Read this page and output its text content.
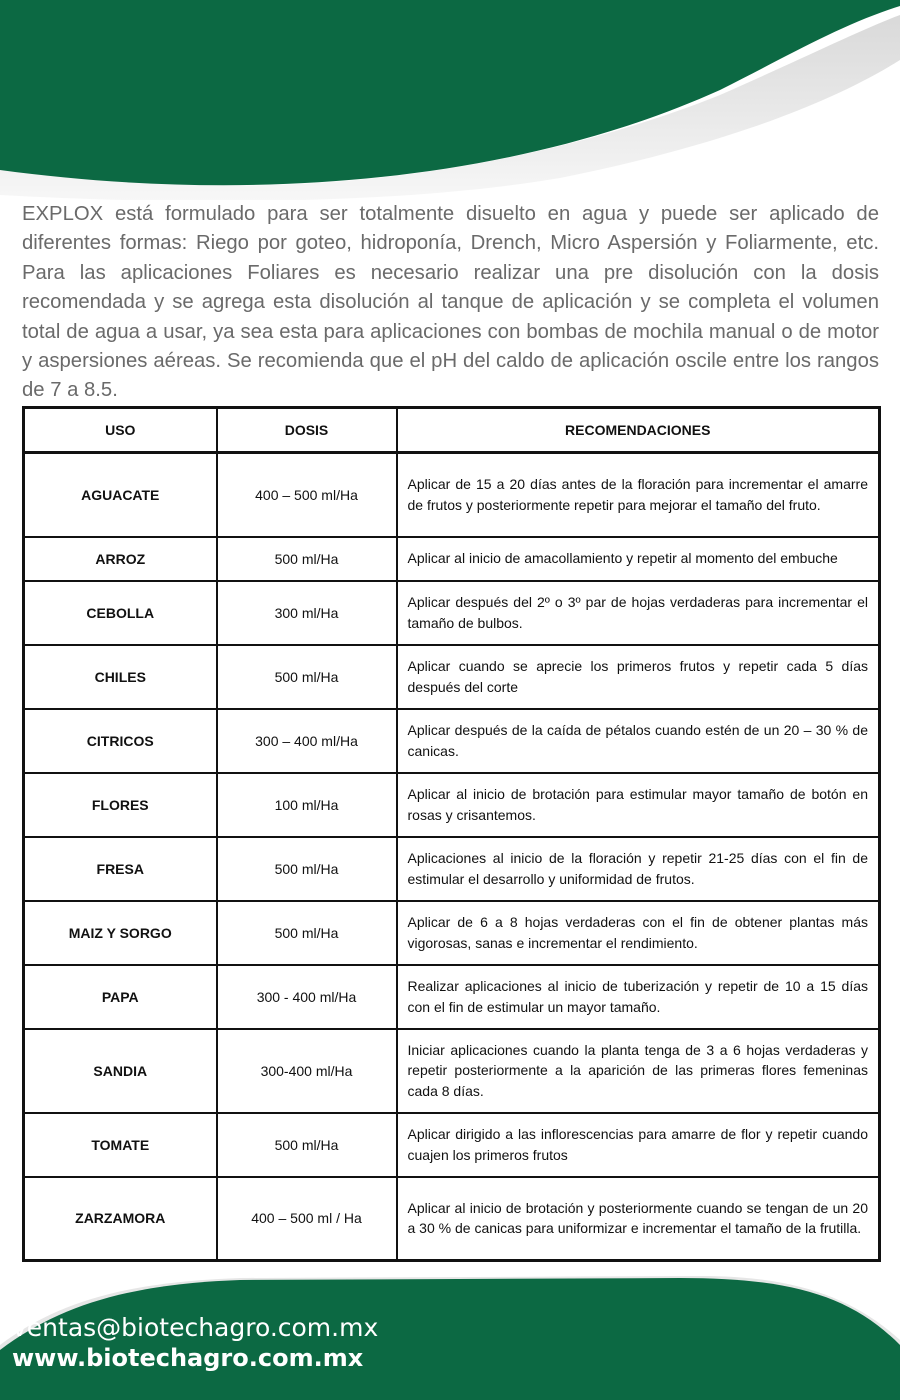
EXPLOX está formulado para ser totalmente disuelto en agua y puede ser aplicado de diferentes formas: Riego por goteo, hidroponía, Drench, Micro Aspersión y Foliarmente, etc. Para las aplicaciones Foliares es necesario realizar una pre disolución con la dosis recomendada y se agrega esta disolución al tanque de aplicación y se completa el volumen total de agua a usar, ya sea esta para aplicaciones con bombas de mochila manual o de motor y aspersiones aéreas. Se recomienda que el pH del caldo de aplicación oscile entre los rangos de 7 a 8.5.

USO	DOSIS	RECOMENDACIONES
AGUACATE	400 – 500 ml/Ha	Aplicar de 15 a 20 días antes de la floración para incrementar el amarre de frutos y posteriormente repetir para mejorar el tamaño del fruto.
ARROZ	500 ml/Ha	Aplicar al inicio de amacollamiento y repetir al momento del embuche
CEBOLLA	300 ml/Ha	Aplicar después del 2º o 3º par de hojas verdaderas para incrementar el tamaño de bulbos.
CHILES	500 ml/Ha	Aplicar cuando se aprecie los primeros frutos y repetir cada 5 días después del corte
CITRICOS	300 – 400 ml/Ha	Aplicar después de la caída de pétalos cuando estén de un 20 – 30 % de canicas.
FLORES	100 ml/Ha	Aplicar al inicio de brotación para estimular mayor tamaño de botón en rosas y crisantemos.
FRESA	500 ml/Ha	Aplicaciones al inicio de la floración y repetir 21-25 días con el fin de estimular el desarrollo y uniformidad de frutos.
MAIZ Y SORGO	500 ml/Ha	Aplicar de 6 a 8 hojas verdaderas con el fin de obtener plantas más vigorosas, sanas e incrementar el rendimiento.
PAPA	300 - 400 ml/Ha	Realizar aplicaciones al inicio de tuberización y repetir de 10 a 15 días con el fin de estimular un mayor tamaño.
SANDIA	300-400 ml/Ha	Iniciar aplicaciones cuando la planta tenga de 3 a 6 hojas verdaderas y repetir posteriormente a la aparición de las primeras flores femeninas cada 8 días.
TOMATE	500 ml/Ha	Aplicar dirigido a las inflorescencias para amarre de flor y repetir cuando cuajen los primeros frutos
ZARZAMORA	400 – 500 ml / Ha	Aplicar al inicio de brotación y posteriormente cuando se tengan de un 20 a 30 % de canicas para uniformizar e incrementar el tamaño de la frutilla.

ventas@biotechagro.com.mx

www.biotechagro.com.mx
